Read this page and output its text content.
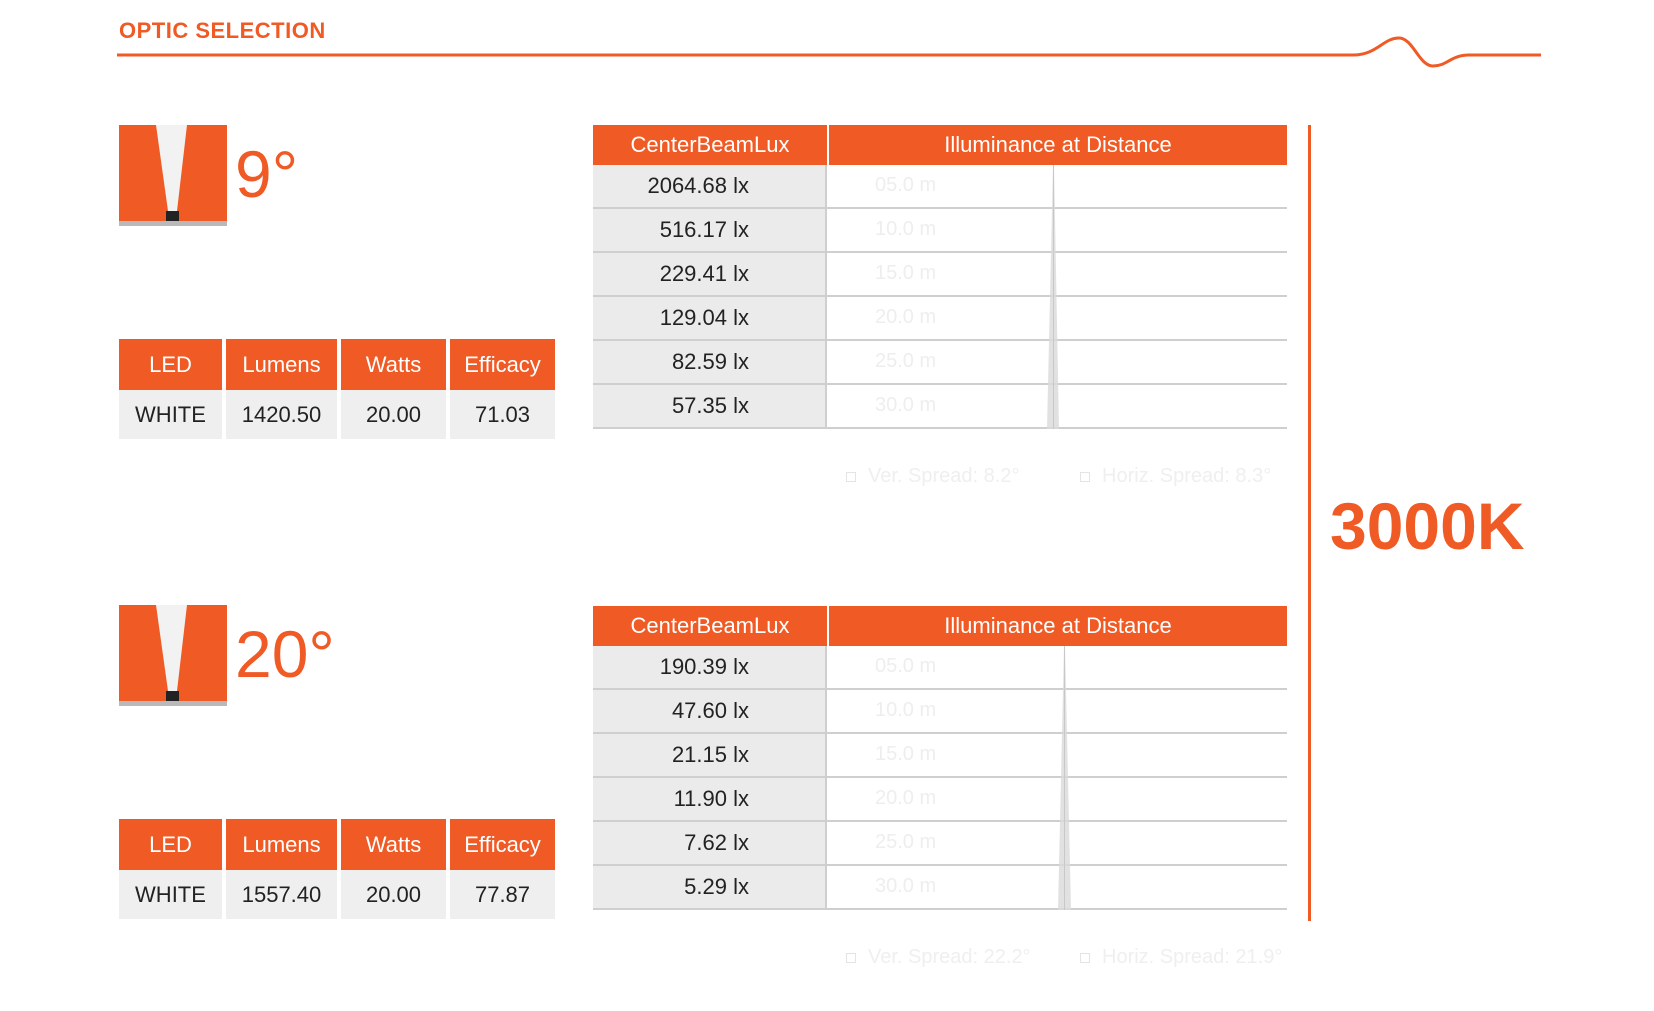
OPTIC SELECTION
9°
LED	Lumens	Watts	Efficacy
WHITE	1420.50	20.00	71.03
CenterBeamLux	Illuminance at Distance
2064.68 lx	05.0 m
516.17 lx	10.0 m
229.41 lx	15.0 m
129.04 lx	20.0 m
82.59 lx	25.0 m
57.35 lx	30.0 m
Ver. Spread: 8.2°	Horiz. Spread: 8.3°
20°
LED	Lumens	Watts	Efficacy
WHITE	1557.40	20.00	77.87
CenterBeamLux	Illuminance at Distance
190.39 lx	05.0 m
47.60 lx	10.0 m
21.15 lx	15.0 m
11.90 lx	20.0 m
7.62 lx	25.0 m
5.29 lx	30.0 m
Ver. Spread: 22.2°	Horiz. Spread: 21.9°
3000K
